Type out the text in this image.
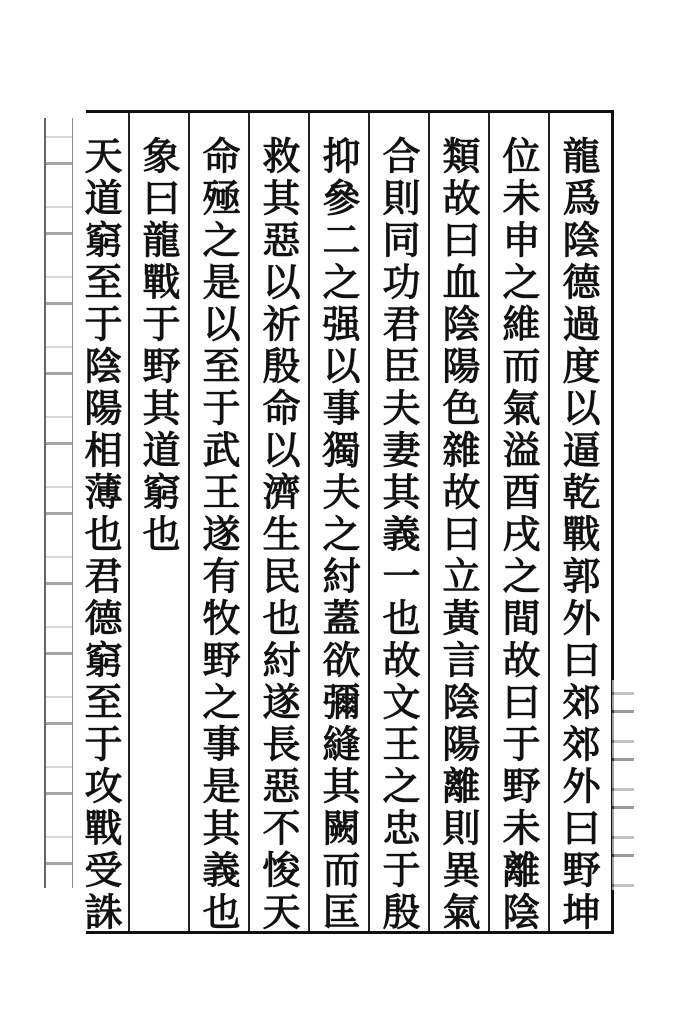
龍爲陰德過度以逼乾戰郭外曰郊郊外曰野坤
位未申之維而氣溢酉戌之間故曰于野未離陰
類故曰血陰陽色雜故曰立黃言陰陽離則異氣
合則同功君臣夫妻其義一也故文王之忠于殷
抑參二之强以事獨夫之紂蓋欲彌縫其闕而匡
救其惡以祈殷命以濟生民也紂遂長惡不悛天
命殛之是以至于武王遂有牧野之事是其義也
象曰龍戰于野其道窮也
天道窮至于陰陽相薄也君德窮至于攻戰受誅
